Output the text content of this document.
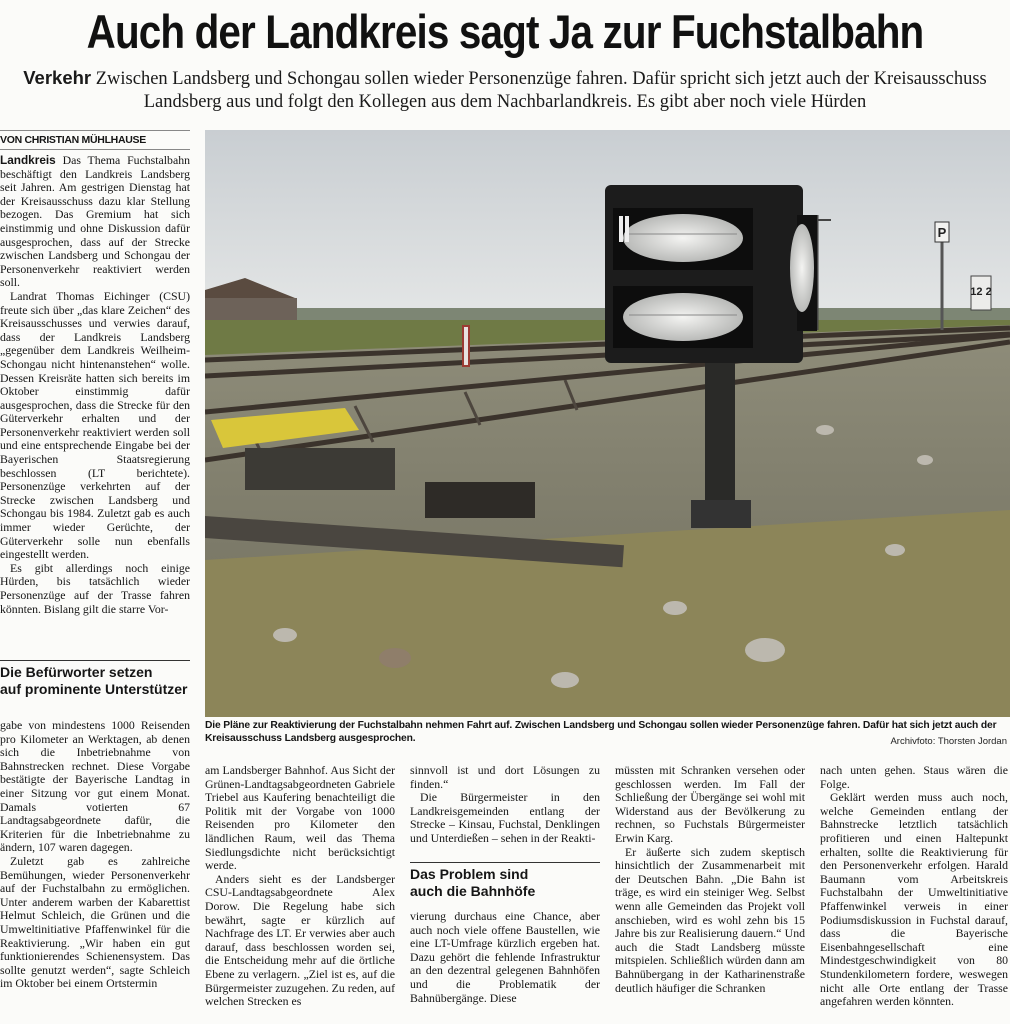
Auch der Landkreis sagt Ja zur Fuchstalbahn
Verkehr Zwischen Landsberg und Schongau sollen wieder Personenzüge fahren. Dafür spricht sich jetzt auch der Kreisausschuss Landsberg aus und folgt den Kollegen aus dem Nachbarlandkreis. Es gibt aber noch viele Hürden
VON CHRISTIAN MÜHLHAUSE

Landkreis Das Thema Fuchstalbahn beschäftigt den Landkreis Landsberg seit Jahren. Am gestrigen Dienstag hat der Kreisausschuss dazu klar Stellung bezogen. Das Gremium hat sich einstimmig und ohne Diskussion dafür ausgesprochen, dass auf der Strecke zwischen Landsberg und Schongau der Personenverkehr reaktiviert werden soll.

Landrat Thomas Eichinger (CSU) freute sich über „das klare Zeichen“ des Kreisausschusses und verwies darauf, dass der Landkreis Landsberg „gegenüber dem Landkreis Weilheim-Schongau nicht hintenanstehen“ wolle. Dessen Kreisräte hatten sich bereits im Oktober einstimmig dafür ausgesprochen, dass die Strecke für den Güterverkehr erhalten und der Personenverkehr reaktiviert werden soll und eine entsprechende Eingabe bei der Bayerischen Staatsregierung beschlossen (LT berichtete). Personenzüge verkehrten auf der Strecke zwischen Landsberg und Schongau bis 1984. Zuletzt gab es auch immer wieder Gerüchte, der Güterverkehr solle nun ebenfalls eingestellt werden.

Es gibt allerdings noch einige Hürden, bis tatsächlich wieder Personenzüge auf der Trasse fahren könnten. Bislang gilt die starre Vor-

Die Befürworter setzen
auf prominente Unterstützer

gabe von mindestens 1000 Reisenden pro Kilometer an Werktagen, ab denen sich die Inbetriebnahme von Bahnstrecken rechnet. Diese Vorgabe bestätigte der Bayerische Landtag in einer Sitzung vor gut einem Monat. Damals votierten 67 Landtagsabgeordnete dafür, die Kriterien für die Inbetriebnahme zu ändern, 107 waren dagegen.

Zuletzt gab es zahlreiche Bemühungen, wieder Personenverkehr auf der Fuchstalbahn zu ermöglichen. Unter anderem warben der Kabarettist Helmut Schleich, die Grünen und die Umweltinitiative Pfaffenwinkel für die Reaktivierung. „Wir haben ein gut funktionierendes Schienensystem. Das sollte genutzt werden“, sagte Schleich im Oktober bei einem Ortstermin

am Landsberger Bahnhof. Aus Sicht der Grünen-Landtagsabgeordneten Gabriele Triebel aus Kaufering benachteiligt die Politik mit der Vorgabe von 1000 Reisenden pro Kilometer den ländlichen Raum, weil das Thema Siedlungsdichte nicht berücksichtigt werde.

Anders sieht es der Landsberger CSU-Landtagsabgeordnete Alex Dorow. Die Regelung habe sich bewährt, sagte er kürzlich auf Nachfrage des LT. Er verwies aber auch darauf, dass beschlossen worden sei, die Entscheidung mehr auf die örtliche Ebene zu verlagern. „Ziel ist es, auf die Bürgermeister zuzugehen. Zu reden, auf welchen Strecken es

sinnvoll ist und dort Lösungen zu finden.“

Die Bürgermeister in den Landkreisgemeinden entlang der Strecke – Kinsau, Fuchstal, Denklingen und Unterdießen – sehen in der Reakti-

Das Problem sind
auch die Bahnhöfe

vierung durchaus eine Chance, aber auch noch viele offene Baustellen, wie eine LT-Umfrage kürzlich ergeben hat. Dazu gehört die fehlende Infrastruktur an den dezentral gelegenen Bahnhöfen und die Problematik der Bahnübergänge. Diese

müssten mit Schranken versehen oder geschlossen werden. Im Fall der Schließung der Übergänge sei wohl mit Widerstand aus der Bevölkerung zu rechnen, so Fuchstals Bürgermeister Erwin Karg.

Er äußerte sich zudem skeptisch hinsichtlich der Zusammenarbeit mit der Deutschen Bahn. „Die Bahn ist träge, es wird ein steiniger Weg. Selbst wenn alle Gemeinden das Projekt voll anschieben, wird es wohl zehn bis 15 Jahre bis zur Realisierung dauern.“ Und auch die Stadt Landsberg müsste mitspielen. Schließlich würden dann am Bahnübergang in der Katharinenstraße deutlich häufiger die Schranken

nach unten gehen. Staus wären die Folge.

Geklärt werden muss auch noch, welche Gemeinden entlang der Bahnstrecke letztlich tatsächlich profitieren und einen Haltepunkt erhalten, sollte die Reaktivierung für den Personenverkehr erfolgen. Harald Baumann vom Arbeitskreis Fuchstalbahn der Umweltinitiative Pfaffenwinkel verweis in einer Podiumsdiskussion in Fuchstal darauf, dass die Bayerische Eisenbahngesellschaft eine Mindestgeschwindigkeit von 80 Stundenkilometern fordere, weswegen nicht alle Orte entlang der Trasse angefahren werden könnten.

P
12 2
Die Pläne zur Reaktivierung der Fuchstalbahn nehmen Fahrt auf. Zwischen Landsberg und Schongau sollen wieder Personenzüge fahren. Dafür hat sich jetzt auch der Kreisausschuss Landsberg ausgesprochen.	Archivfoto: Thorsten Jordan
